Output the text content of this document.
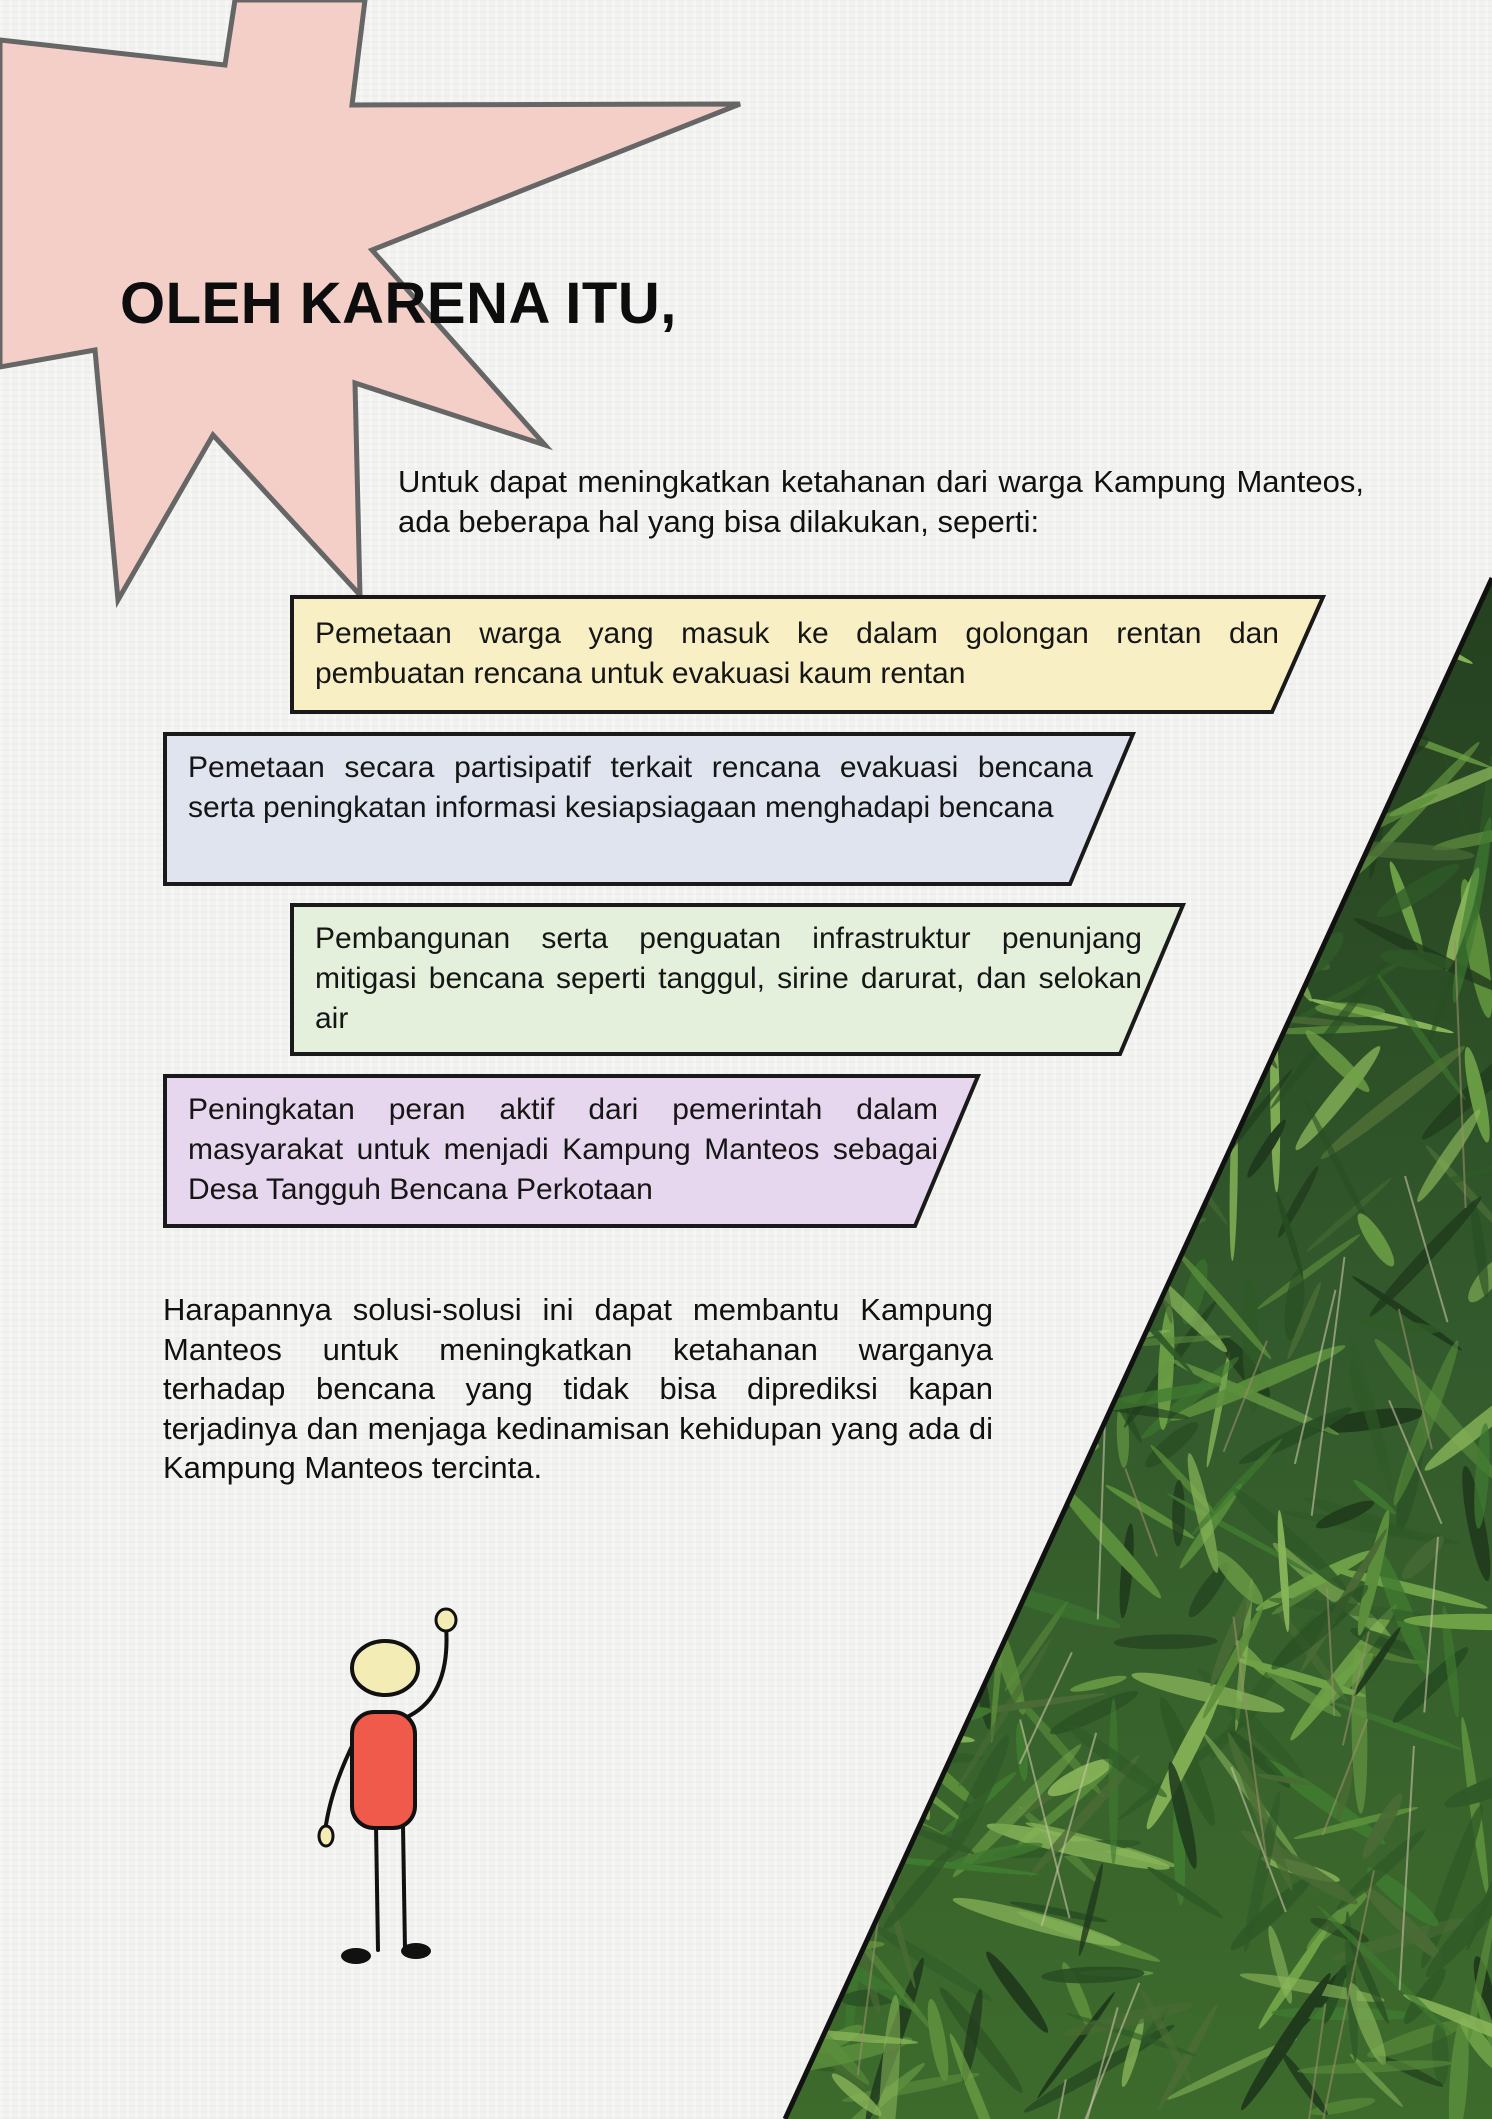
OLEH KARENA ITU,

Untuk dapat meningkatkan ketahanan dari warga Kampung Manteos, ada beberapa hal yang bisa dilakukan, seperti:

Pemetaan warga yang masuk ke dalam golongan rentan dan pembuatan rencana untuk evakuasi kaum rentan

Pemetaan secara partisipatif terkait rencana evakuasi bencana serta peningkatan informasi kesiapsiagaan menghadapi bencana

Pembangunan serta penguatan infrastruktur penunjang mitigasi bencana seperti tanggul, sirine darurat, dan selokan air

Peningkatan peran aktif dari pemerintah dalam masyarakat untuk menjadi Kampung Manteos sebagai Desa Tangguh Bencana Perkotaan

Harapannya solusi-solusi ini dapat membantu Kampung Manteos untuk meningkatkan ketahanan warganya terhadap bencana yang tidak bisa diprediksi kapan terjadinya dan menjaga kedinamisan kehidupan yang ada di Kampung Manteos tercinta.
